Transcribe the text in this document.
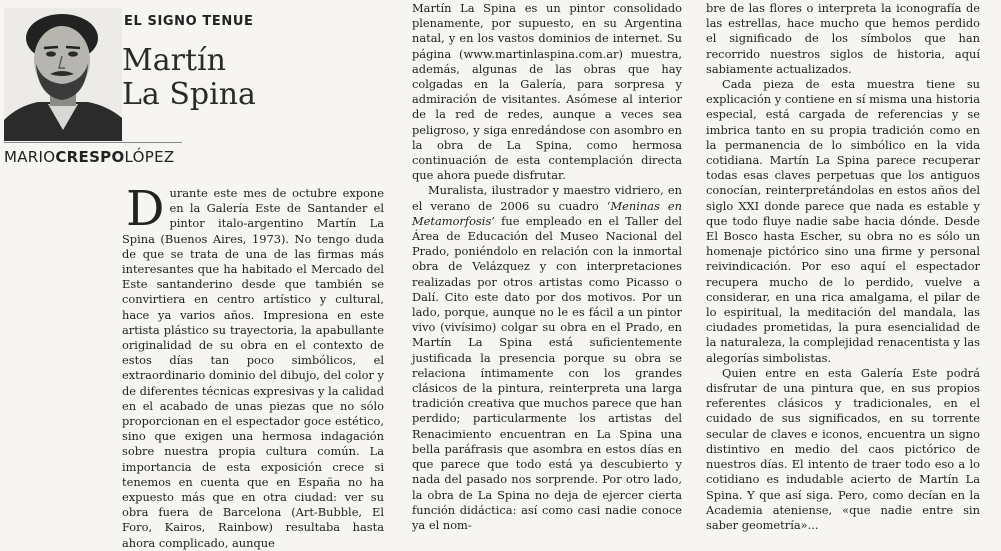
EL SIGNO TENUE
Martín
La Spina
MARIOCRESPOLÓPEZ

Durante este mes de octubre expone en la Galería Este de Santander el pintor italo-argentino Martín La Spina (Buenos Aires, 1973). No tengo duda de que se trata de una de las firmas más interesantes que ha habitado el Mercado del Este santanderino desde que también se convirtiera en centro artístico y cultural, hace ya varios años. Impresiona en este artista plástico su trayectoria, la apabullante originalidad de su obra en el contexto de estos días tan poco simbólicos, el extraordinario dominio del dibujo, del color y de diferentes técnicas expresivas y la calidad en el acabado de unas piezas que no sólo proporcionan en el espectador goce estético, sino que exigen una hermosa indagación sobre nuestra propia cultura común. La importancia de esta exposición crece si tenemos en cuenta que en España no ha expuesto más que en otra ciudad: ver su obra fuera de Barcelona (Art-Bubble, El Foro, Kairos, Rainbow) resultaba hasta ahora complicado, aunque

Martín La Spina es un pintor consolidado plenamente, por supuesto, en su Argentina natal, y en los vastos dominios de internet. Su página (www.martinlaspina.com.ar) muestra, además, algunas de las obras que hay colgadas en la Galería, para sorpresa y admiración de visitantes. Asómese al interior de la red de redes, aunque a veces sea peligroso, y siga enredándose con asombro en la obra de La Spina, como hermosa continuación de esta contemplación directa que ahora puede disfrutar.

Muralista, ilustrador y maestro vidriero, en el verano de 2006 su cuadro ‘Meninas en Metamorfosis’ fue empleado en el Taller del Área de Educación del Museo Nacional del Prado, poniéndolo en relación con la inmortal obra de Velázquez y con interpretaciones realizadas por otros artistas como Picasso o Dalí. Cito este dato por dos motivos. Por un lado, porque, aunque no le es fácil a un pintor vivo (vivísimo) colgar su obra en el Prado, en Martín La Spina está suficientemente justificada la presencia porque su obra se relaciona íntimamente con los grandes clásicos de la pintura, reinterpreta una larga tradición creativa que muchos parece que han perdido; particularmente los artistas del Renacimiento encuentran en La Spina una bella paráfrasis que asombra en estos días en que parece que todo está ya descubierto y nada del pasado nos sorprende. Por otro lado, la obra de La Spina no deja de ejercer cierta función didáctica: así como casi nadie conoce ya el nom-

bre de las flores o interpreta la iconografía de las estrellas, hace mucho que hemos perdido el significado de los símbolos que han recorrido nuestros siglos de historia, aquí sabiamente actualizados.

Cada pieza de esta muestra tiene su explicación y contiene en sí misma una historia especial, está cargada de referencias y se imbrica tanto en su propia tradición como en la permanencia de lo simbólico en la vida cotidiana. Martín La Spina parece recuperar todas esas claves perpetuas que los antiguos conocían, reinterpretándolas en estos años del siglo XXI donde parece que nada es estable y que todo fluye nadie sabe hacia dónde. Desde El Bosco hasta Escher, su obra no es sólo un homenaje pictórico sino una firme y personal reivindicación. Por eso aquí el espectador recupera mucho de lo perdido, vuelve a considerar, en una rica amalgama, el pilar de lo espiritual, la meditación del mandala, las ciudades prometidas, la pura esencialidad de la naturaleza, la complejidad renacentista y las alegorías simbolistas.

Quien entre en esta Galería Este podrá disfrutar de una pintura que, en sus propios referentes clásicos y tradicionales, en el cuidado de sus significados, en su torrente secular de claves e iconos, encuentra un signo distintivo en medio del caos pictórico de nuestros días. El intento de traer todo eso a lo cotidiano es indudable acierto de Martín La Spina. Y que así siga. Pero, como decían en la Academia ateniense, «que nadie entre sin saber geometría»...
